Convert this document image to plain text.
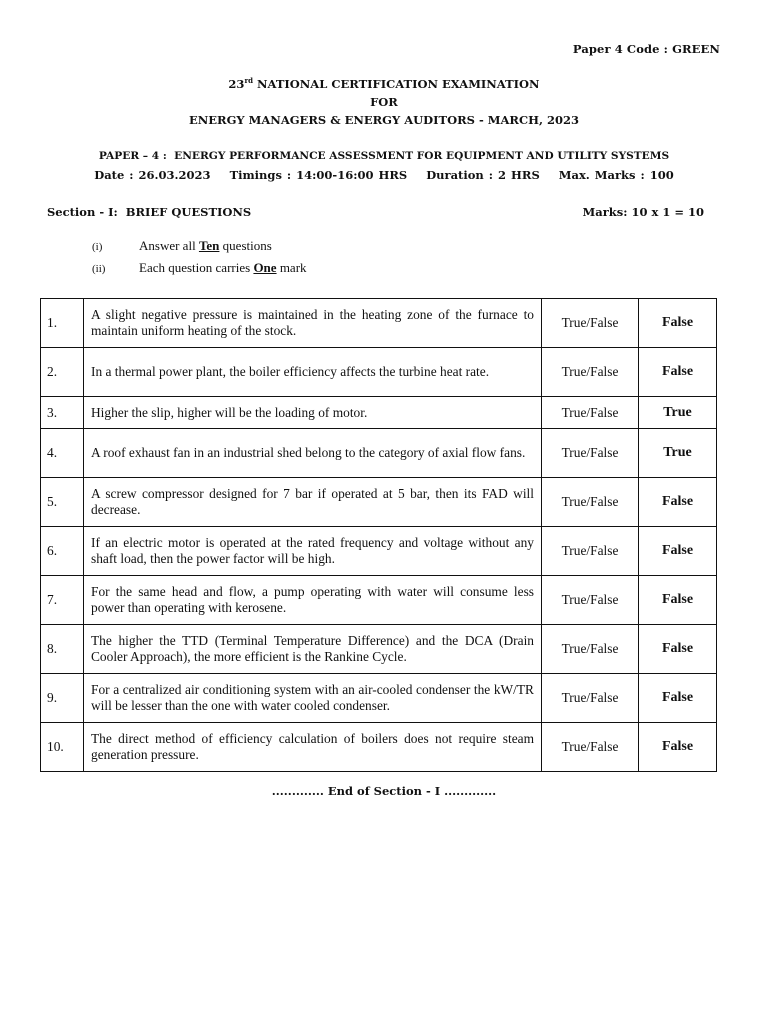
Paper 4 Code : GREEN
23rd NATIONAL CERTIFICATION EXAMINATION
FOR
ENERGY MANAGERS & ENERGY AUDITORS - MARCH, 2023
PAPER – 4 :  ENERGY PERFORMANCE ASSESSMENT FOR EQUIPMENT AND UTILITY SYSTEMS
Date : 26.03.2023 Timings : 14:00-16:00 HRS Duration : 2 HRS Max. Marks : 100
Section - I:  BRIEF QUESTIONS	Marks: 10 x 1 = 10
(i)	Answer all Ten questions
(ii)	Each question carries One mark
1.	A slight negative pressure is maintained in the heating zone of the furnace to maintain uniform heating of the stock.	True/False	False
2.	In a thermal power plant, the boiler efficiency affects the turbine heat rate.	True/False	False
3.	Higher the slip, higher will be the loading of motor.	True/False	True
4.	A roof exhaust fan in an industrial shed belong to the category of axial flow fans.	True/False	True
5.	A screw compressor designed for 7 bar if operated at 5 bar, then its FAD will decrease.	True/False	False
6.	If an electric motor is operated at the rated frequency and voltage without any shaft load, then the power factor will be high.	True/False	False
7.	For the same head and flow, a pump operating with water will consume less power than operating with kerosene.	True/False	False
8.	The higher the TTD (Terminal Temperature Difference) and the DCA (Drain Cooler Approach), the more efficient is the Rankine Cycle.	True/False	False
9.	For a centralized air conditioning system with an air-cooled condenser the kW/TR will be lesser than the one with water cooled condenser.	True/False	False
10.	The direct method of efficiency calculation of boilers does not require steam generation pressure.	True/False	False
............. End of Section - I .............
